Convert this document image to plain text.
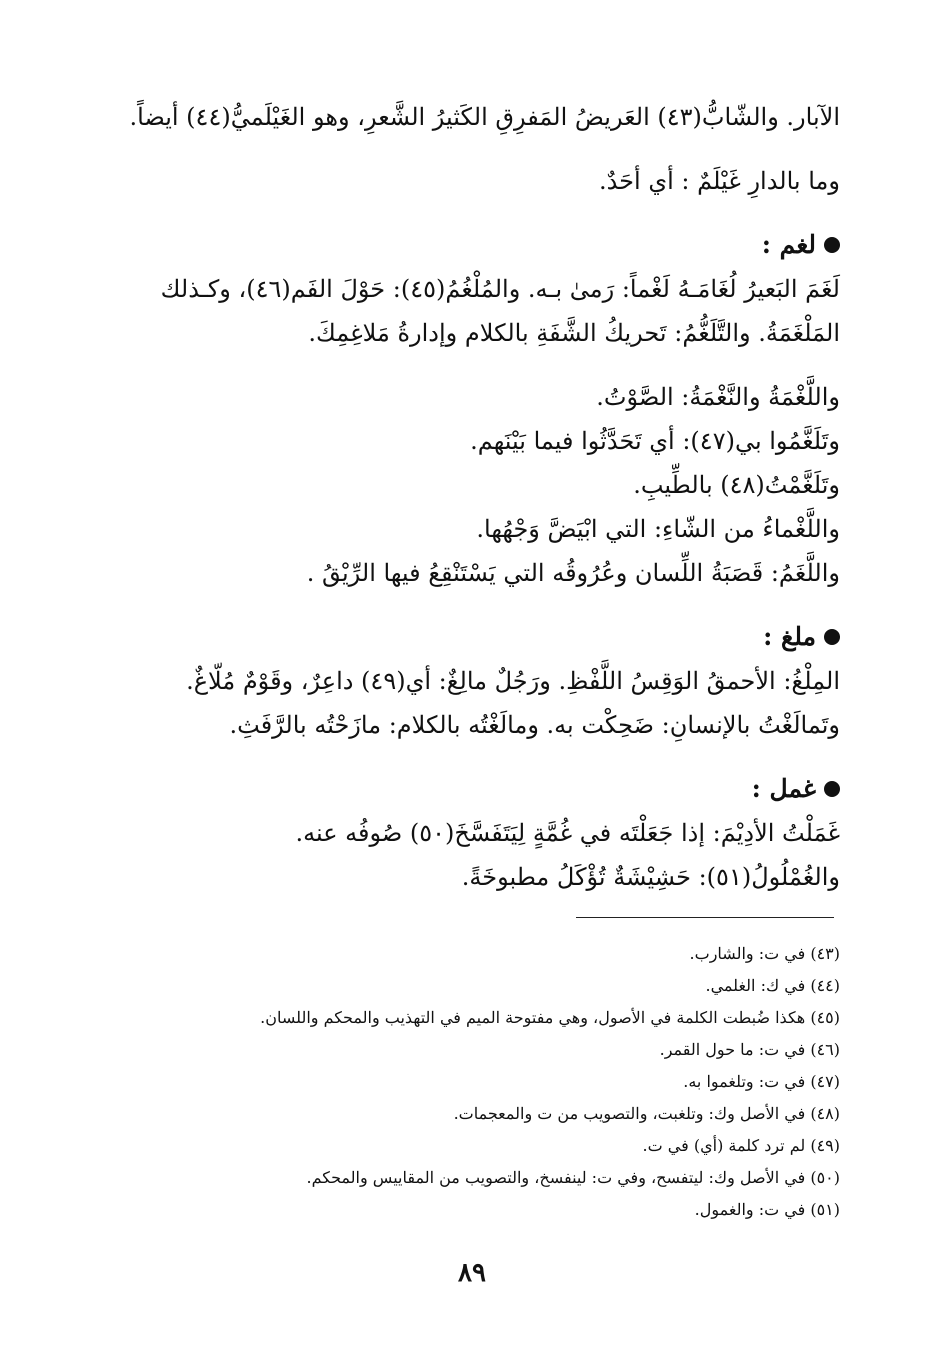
الآبار. والشّابُّ(٤٣) العَريضُ المَفرِقِ الكَثيرُ الشَّعرِ، وهو الغَيْلَميُّ(٤٤) أيضاً.
وما بالدارِ غَيْلَمٌ : أي أحَدٌ.
لغم :
لَغَمَ البَعيرُ لُغَامَـهُ لَغْماً: رَمىٰ بـه. والمُلْغُمُ(٤٥): حَوْلَ الفَم(٤٦)، وكـذلك
المَلْغَمَةُ. والتَّلَغُّمُ: تَحريكُ الشَّفَةِ بالكلام وإدارةُ مَلاغِمِكَ.
واللَّغْمَةُ والنَّغْمَةُ: الصَّوْتُ.
وتَلَغَّمُوا بي(٤٧): أي تَحَدَّثُوا فيما بَيْنَهم.
وتَلَغَّمْتُ(٤٨) بالطِّيبِ.
واللَّغْماءُ من الشّاءِ: التي ابْيَضَّ وَجْهُها.
واللَّغَمُ: قَصَبَةُ اللِّسان وعُرُوقُه التي يَسْتَنْقِعُ فيها الرِّيْقُ .
ملغ :
المِلْغُ: الأحمقُ الوَقِسُ اللَّفْظِ. ورَجُلٌ مالِغٌ: أي(٤٩) داعِرٌ، وقَوْمٌ مُلّاغٌ.
وتَمالَغْتُ بالإنسانِ: ضَحِكْت به. ومالَغْتُه بالكلام: مازَحْتُه بالرَّفَثِ.
غمل :
غَمَلْتُ الأدِيْمَ: إذا جَعَلْتَه في غُمَّةٍ لِيَتَفَسَّخَ(٥٠) صُوفُه عنه.
والغُمْلُولُ(٥١): حَشِيْشَةٌ تُؤْكَلُ مطبوخَةً.
(٤٣) في ت: والشارب.
(٤٤) في ك: الغلمي.
(٤٥) هكذا ضُبطت الكلمة في الأصول، وهي مفتوحة الميم في التهذيب والمحكم واللسان.
(٤٦) في ت: ما حول القمر.
(٤٧) في ت: وتلغموا به.
(٤٨) في الأصل وك: وتلغبت، والتصويب من ت والمعجمات.
(٤٩) لم ترد كلمة (أي) في ت.
(٥٠) في الأصل وك: ليتفسح، وفي ت: لينفسخ، والتصويب من المقاييس والمحكم.
(٥١) في ت: والغمول.
٨٩
